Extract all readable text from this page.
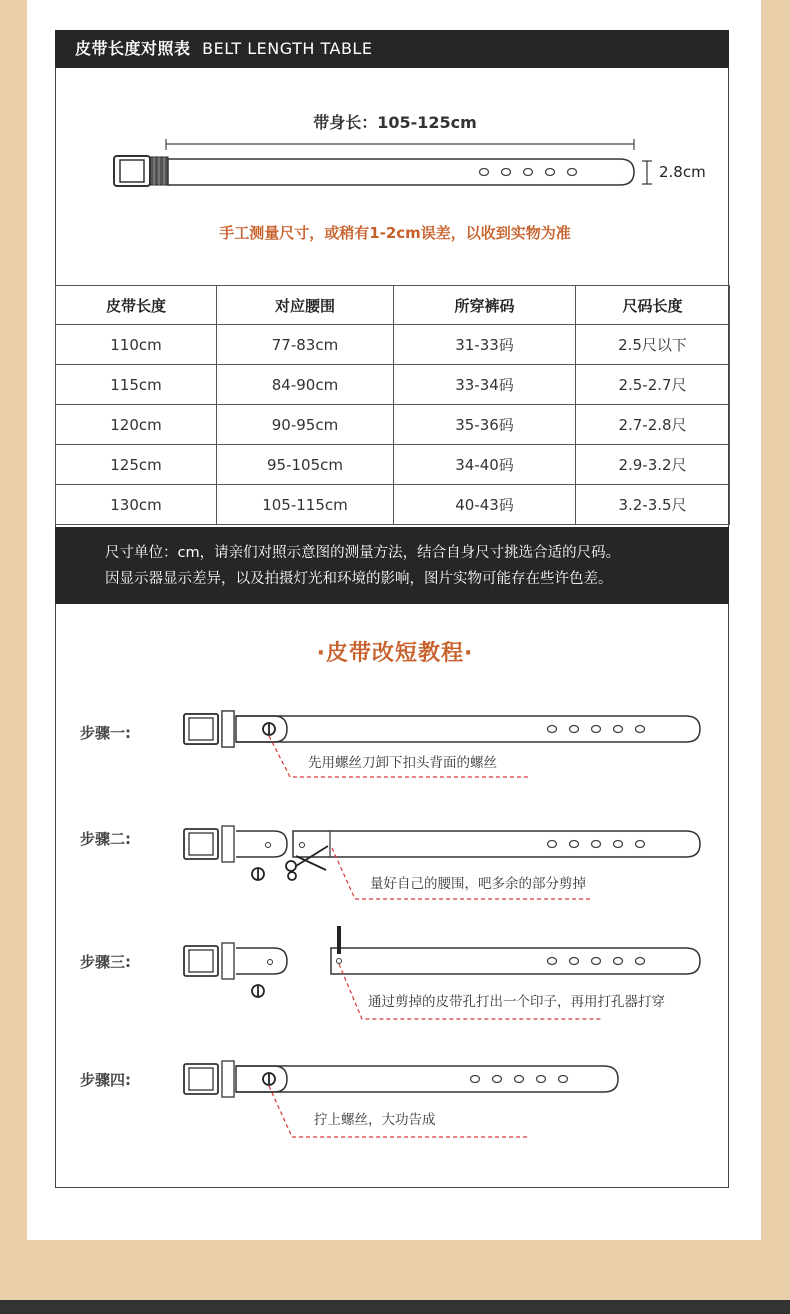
皮带长度对照表 BELT LENGTH TABLE
带身长：105-125cm
2.8cm
手工测量尺寸，或稍有1-2cm误差，以收到实物为准
皮带长度	对应腰围	所穿裤码	尺码长度
110cm	77-83cm	31-33码	2.5尺以下
115cm	84-90cm	33-34码	2.5-2.7尺
120cm	90-95cm	35-36码	2.7-2.8尺
125cm	95-105cm	34-40码	2.9-3.2尺
130cm	105-115cm	40-43码	3.2-3.5尺
尺寸单位：cm，请亲们对照示意图的测量方法，结合自身尺寸挑选合适的尺码。
因显示器显示差异，以及拍摄灯光和环境的影响，图片实物可能存在些许色差。
·皮带改短教程·
步骤一:
步骤二:
步骤三:
步骤四:
先用螺丝刀卸下扣头背面的螺丝
量好自己的腰围，吧多余的部分剪掉
通过剪掉的皮带孔打出一个印子，再用打孔器打穿
拧上螺丝，大功告成
